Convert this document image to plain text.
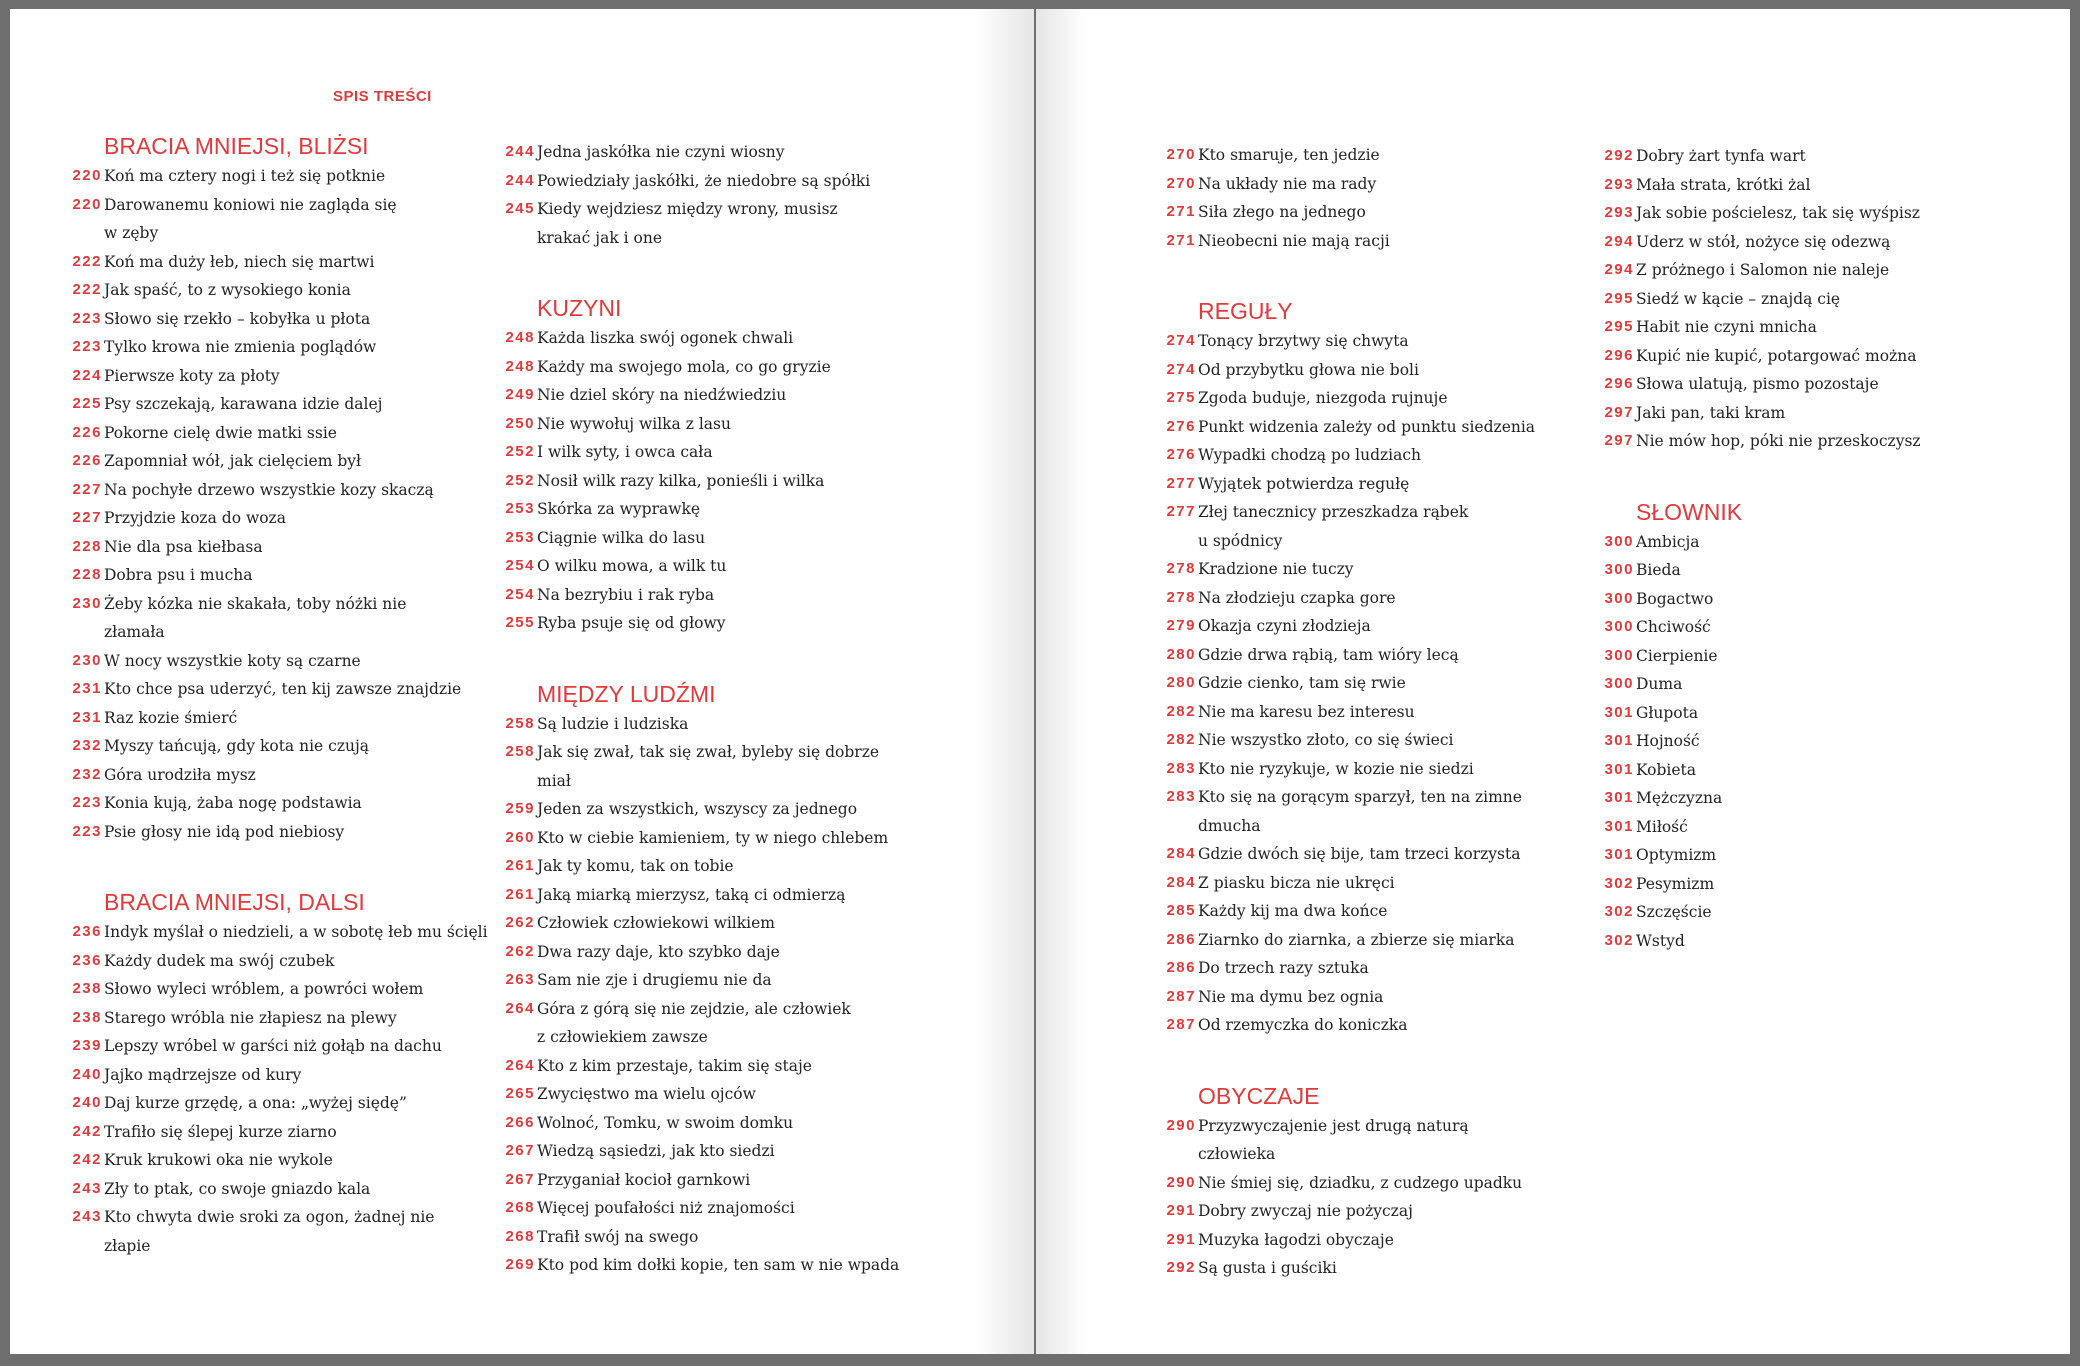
SPIS TREŚCI
BRACIA MNIEJSI, BLIŻSI
220 Koń ma cztery nogi i też się potknie
220 Darowanemu koniowi nie zagląda się
w zęby
222 Koń ma duży łeb, niech się martwi
222 Jak spaść, to z wysokiego konia
223 Słowo się rzekło – kobyłka u płota
223 Tylko krowa nie zmienia poglądów
224 Pierwsze koty za płoty
225 Psy szczekają, karawana idzie dalej
226 Pokorne cielę dwie matki ssie
226 Zapomniał wół, jak cielęciem był
227 Na pochyłe drzewo wszystkie kozy skaczą
227 Przyjdzie koza do woza
228 Nie dla psa kiełbasa
228 Dobra psu i mucha
230 Żeby kózka nie skakała, toby nóżki nie
złamała
230 W nocy wszystkie koty są czarne
231 Kto chce psa uderzyć, ten kij zawsze znajdzie
231 Raz kozie śmierć
232 Myszy tańcują, gdy kota nie czują
232 Góra urodziła mysz
223 Konia kują, żaba nogę podstawia
223 Psie głosy nie idą pod niebiosy
BRACIA MNIEJSI, DALSI
236 Indyk myślał o niedzieli, a w sobotę łeb mu ścięli
236 Każdy dudek ma swój czubek
238 Słowo wyleci wróblem, a powróci wołem
238 Starego wróbla nie złapiesz na plewy
239 Lepszy wróbel w garści niż gołąb na dachu
240 Jajko mądrzejsze od kury
240 Daj kurze grzędę, a ona: „wyżej siędę”
242 Trafiło się ślepej kurze ziarno
242 Kruk krukowi oka nie wykole
243 Zły to ptak, co swoje gniazdo kala
243 Kto chwyta dwie sroki za ogon, żadnej nie
złapie
244 Jedna jaskółka nie czyni wiosny
244 Powiedziały jaskółki, że niedobre są spółki
245 Kiedy wejdziesz między wrony, musisz
krakać jak i one
KUZYNI
248 Każda liszka swój ogonek chwali
248 Każdy ma swojego mola, co go gryzie
249 Nie dziel skóry na niedźwiedziu
250 Nie wywołuj wilka z lasu
252 I wilk syty, i owca cała
252 Nosił wilk razy kilka, ponieśli i wilka
253 Skórka za wyprawkę
253 Ciągnie wilka do lasu
254 O wilku mowa, a wilk tu
254 Na bezrybiu i rak ryba
255 Ryba psuje się od głowy
MIĘDZY LUDŹMI
258 Są ludzie i ludziska
258 Jak się zwał, tak się zwał, byleby się dobrze
miał
259 Jeden za wszystkich, wszyscy za jednego
260 Kto w ciebie kamieniem, ty w niego chlebem
261 Jak ty komu, tak on tobie
261 Jaką miarką mierzysz, taką ci odmierzą
262 Człowiek człowiekowi wilkiem
262 Dwa razy daje, kto szybko daje
263 Sam nie zje i drugiemu nie da
264 Góra z górą się nie zejdzie, ale człowiek
z człowiekiem zawsze
264 Kto z kim przestaje, takim się staje
265 Zwycięstwo ma wielu ojców
266 Wolnoć, Tomku, w swoim domku
267 Wiedzą sąsiedzi, jak kto siedzi
267 Przyganiał kocioł garnkowi
268 Więcej poufałości niż znajomości
268 Trafił swój na swego
269 Kto pod kim dołki kopie, ten sam w nie wpada
270 Kto smaruje, ten jedzie
270 Na układy nie ma rady
271 Siła złego na jednego
271 Nieobecni nie mają racji
REGUŁY
274 Tonący brzytwy się chwyta
274 Od przybytku głowa nie boli
275 Zgoda buduje, niezgoda rujnuje
276 Punkt widzenia zależy od punktu siedzenia
276 Wypadki chodzą po ludziach
277 Wyjątek potwierdza regułę
277 Złej tanecznicy przeszkadza rąbek
u spódnicy
278 Kradzione nie tuczy
278 Na złodzieju czapka gore
279 Okazja czyni złodzieja
280 Gdzie drwa rąbią, tam wióry lecą
280 Gdzie cienko, tam się rwie
282 Nie ma karesu bez interesu
282 Nie wszystko złoto, co się świeci
283 Kto nie ryzykuje, w kozie nie siedzi
283 Kto się na gorącym sparzył, ten na zimne
dmucha
284 Gdzie dwóch się bije, tam trzeci korzysta
284 Z piasku bicza nie ukręci
285 Każdy kij ma dwa końce
286 Ziarnko do ziarnka, a zbierze się miarka
286 Do trzech razy sztuka
287 Nie ma dymu bez ognia
287 Od rzemyczka do koniczka
OBYCZAJE
290 Przyzwyczajenie jest drugą naturą
człowieka
290 Nie śmiej się, dziadku, z cudzego upadku
291 Dobry zwyczaj nie pożyczaj
291 Muzyka łagodzi obyczaje
292 Są gusta i guściki
292 Dobry żart tynfa wart
293 Mała strata, krótki żal
293 Jak sobie pościelesz, tak się wyśpisz
294 Uderz w stół, nożyce się odezwą
294 Z próżnego i Salomon nie naleje
295 Siedź w kącie – znajdą cię
295 Habit nie czyni mnicha
296 Kupić nie kupić, potargować można
296 Słowa ulatują, pismo pozostaje
297 Jaki pan, taki kram
297 Nie mów hop, póki nie przeskoczysz
SŁOWNIK
300 Ambicja
300 Bieda
300 Bogactwo
300 Chciwość
300 Cierpienie
300 Duma
301 Głupota
301 Hojność
301 Kobieta
301 Mężczyzna
301 Miłość
301 Optymizm
302 Pesymizm
302 Szczęście
302 Wstyd
